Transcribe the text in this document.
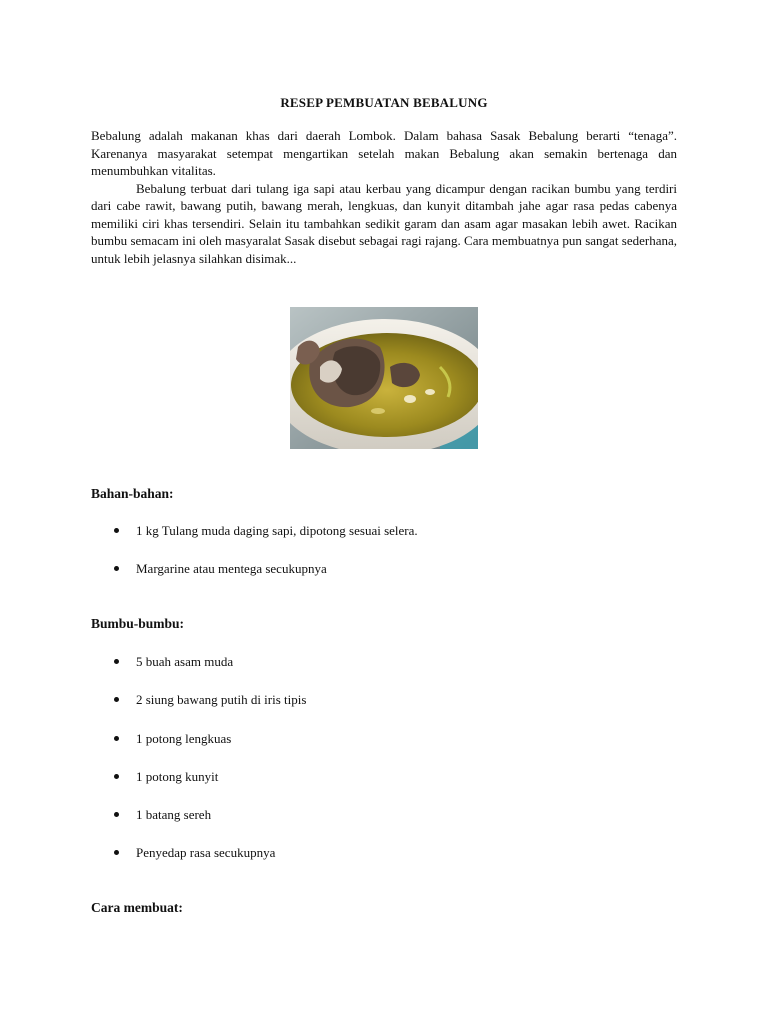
RESEP PEMBUATAN BEBALUNG

Bebalung adalah makanan khas dari daerah Lombok. Dalam bahasa Sasak Bebalung berarti “tenaga”. Karenanya masyarakat setempat mengartikan setelah makan Bebalung akan semakin bertenaga dan menumbuhkan vitalitas.

Bebalung terbuat dari tulang iga sapi atau kerbau yang dicampur dengan racikan bumbu yang terdiri dari cabe rawit, bawang putih, bawang merah, lengkuas, dan kunyit ditambah jahe agar rasa pedas cabenya memiliki ciri khas tersendiri. Selain itu tambahkan sedikit garam dan asam agar masakan lebih awet. Racikan bumbu semacam ini oleh masyaralat Sasak disebut sebagai ragi rajang. Cara membuatnya pun sangat sederhana, untuk lebih jelasnya silahkan disimak...

Bahan-bahan:
1 kg Tulang muda daging sapi, dipotong sesuai selera.
Margarine atau mentega secukupnya
Bumbu-bumbu:
5 buah asam muda
2 siung bawang putih di iris tipis
1 potong lengkuas
1 potong kunyit
1 batang sereh
Penyedap rasa secukupnya
Cara membuat:
